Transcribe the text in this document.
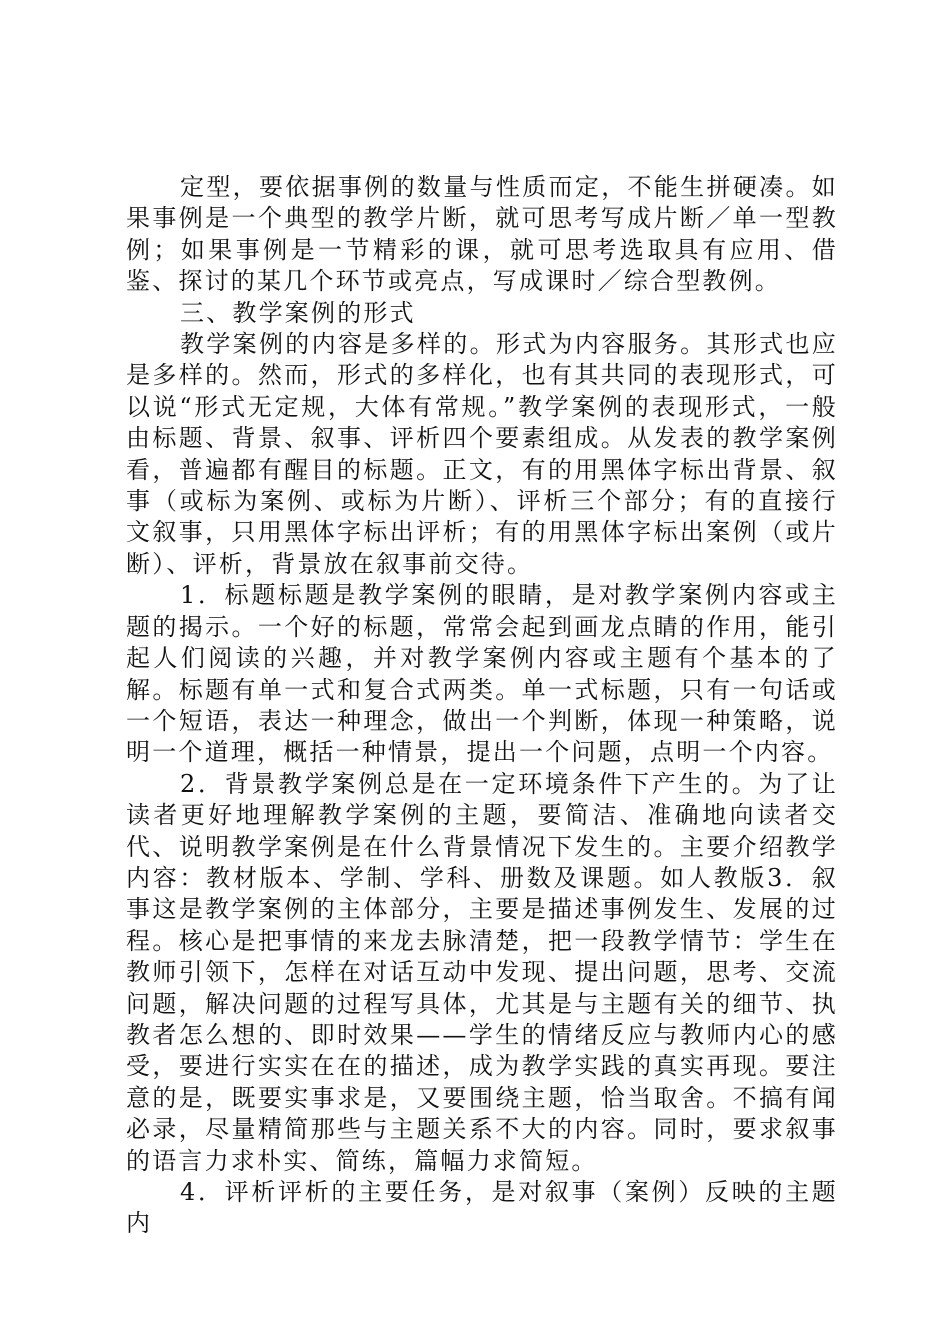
定型，要依据事例的数量与性质而定，不能生拼硬凑。如果事例是一个典型的教学片断，就可思考写成片断／单一型教例；如果事例是一节精彩的课，就可思考选取具有应用、借鉴、探讨的某几个环节或亮点，写成课时／综合型教例。

三、教学案例的形式

教学案例的内容是多样的。形式为内容服务。其形式也应是多样的。然而，形式的多样化，也有其共同的表现形式，可以说“形式无定规，大体有常规。”教学案例的表现形式，一般由标题、背景、叙事、评析四个要素组成。从发表的教学案例看，普遍都有醒目的标题。正文，有的用黑体字标出背景、叙事（或标为案例、或标为片断）、评析三个部分；有的直接行文叙事，只用黑体字标出评析；有的用黑体字标出案例（或片断）、评析，背景放在叙事前交待。

1．标题标题是教学案例的眼睛，是对教学案例内容或主题的揭示。一个好的标题，常常会起到画龙点睛的作用，能引起人们阅读的兴趣，并对教学案例内容或主题有个基本的了解。标题有单一式和复合式两类。单一式标题，只有一句话或一个短语，表达一种理念，做出一个判断，体现一种策略，说明一个道理，概括一种情景，提出一个问题，点明一个内容。

2．背景教学案例总是在一定环境条件下产生的。为了让读者更好地理解教学案例的主题，要简洁、准确地向读者交代、说明教学案例是在什么背景情况下发生的。主要介绍教学内容：教材版本、学制、学科、册数及课题。如人教版3．叙事这是教学案例的主体部分，主要是描述事例发生、发展的过程。核心是把事情的来龙去脉清楚，把一段教学情节：学生在教师引领下，怎样在对话互动中发现、提出问题，思考、交流问题，解决问题的过程写具体，尤其是与主题有关的细节、执教者怎么想的、即时效果——学生的情绪反应与教师内心的感受，要进行实实在在的描述，成为教学实践的真实再现。要注意的是，既要实事求是，又要围绕主题，恰当取舍。不搞有闻必录，尽量精简那些与主题关系不大的内容。同时，要求叙事的语言力求朴实、简练，篇幅力求简短。

4．评析评析的主要任务，是对叙事（案例）反映的主题内
